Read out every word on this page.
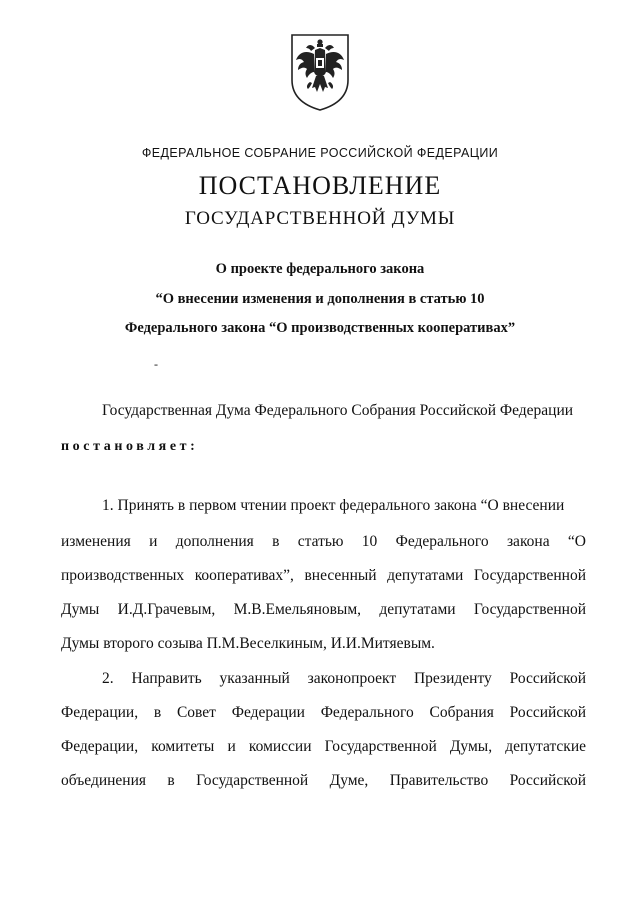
ФЕДЕРАЛЬНОЕ СОБРАНИЕ РОССИЙСКОЙ ФЕДЕРАЦИИ
ПОСТАНОВЛЕНИЕ
ГОСУДАРСТВЕННОЙ ДУМЫ
О проекте федерального закона
“О внесении изменения и дополнения в статью 10
Федерального закона “О производственных кооперативах”
-
Государственная Дума Федерального Собрания Российской Федерации
постановляет:
1. Принять в первом чтении проект федерального закона “О внесении
изменения и дополнения в статью 10 Федерального закона “О
производственных кооперативах”, внесенный депутатами Государственной
Думы И.Д.Грачевым, М.В.Емельяновым, депутатами Государственной
Думы второго созыва П.М.Веселкиным, И.И.Митяевым.
2. Направить указанный законопроект Президенту Российской
Федерации, в Совет Федерации Федерального Собрания Российской
Федерации, комитеты и комиссии Государственной Думы, депутатские
объединения в Государственной Думе, Правительство Российской
